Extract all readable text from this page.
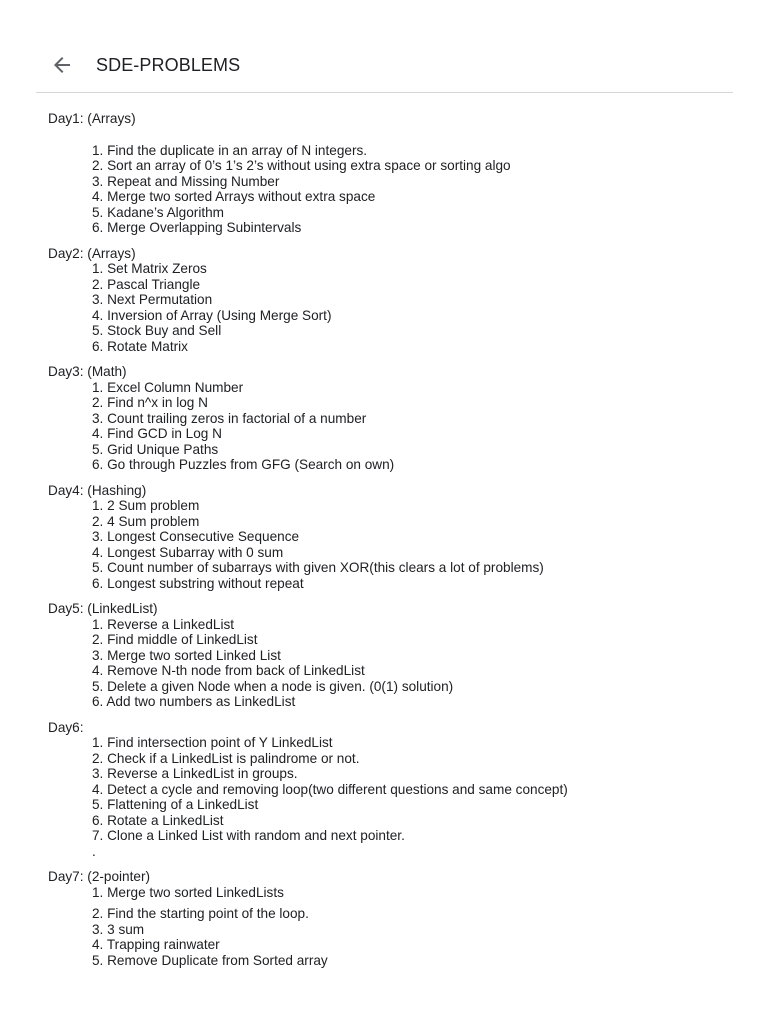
SDE-PROBLEMS
Day1: (Arrays)
1. Find the duplicate in an array of N integers.
2. Sort an array of 0’s 1’s 2’s without using extra space or sorting algo
3. Repeat and Missing Number
4. Merge two sorted Arrays without extra space
5. Kadane’s Algorithm
6. Merge Overlapping Subintervals
Day2: (Arrays)
1. Set Matrix Zeros
2. Pascal Triangle
3. Next Permutation
4. Inversion of Array (Using Merge Sort)
5. Stock Buy and Sell
6. Rotate Matrix
Day3: (Math)
1. Excel Column Number
2. Find n^x in log N
3. Count trailing zeros in factorial of a number
4. Find GCD in Log N
5. Grid Unique Paths
6. Go through Puzzles from GFG (Search on own)
Day4: (Hashing)
1. 2 Sum problem
2. 4 Sum problem
3. Longest Consecutive Sequence
4. Longest Subarray with 0 sum
5. Count number of subarrays with given XOR(this clears a lot of problems)
6. Longest substring without repeat
Day5: (LinkedList)
1. Reverse a LinkedList
2. Find middle of LinkedList
3. Merge two sorted Linked List
4. Remove N-th node from back of LinkedList
5. Delete a given Node when a node is given. (0(1) solution)
6. Add two numbers as LinkedList
Day6:
1. Find intersection point of Y LinkedList
2. Check if a LinkedList is palindrome or not.
3. Reverse a LinkedList in groups.
4. Detect a cycle and removing loop(two different questions and same concept)
5. Flattening of a LinkedList
6. Rotate a LinkedList
7. Clone a Linked List with random and next pointer.
.
Day7: (2-pointer)
1. Merge two sorted LinkedLists
2. Find the starting point of the loop.
3. 3 sum
4. Trapping rainwater
5. Remove Duplicate from Sorted array
